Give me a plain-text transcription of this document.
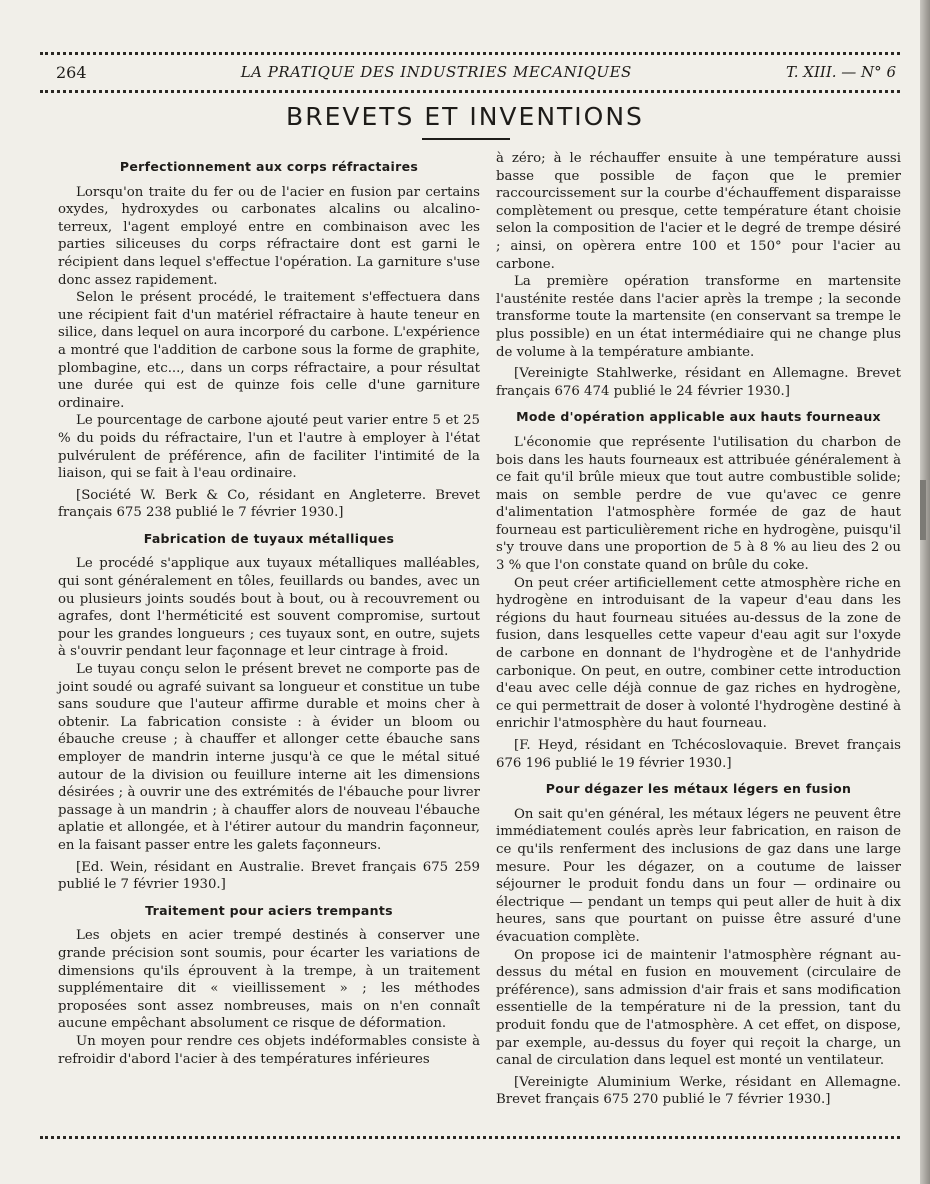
264	LA PRATIQUE DES INDUSTRIES MECANIQUES	T. XIII. — N° 6
BREVETS ET INVENTIONS
Perfectionnement aux corps réfractaires

Lorsqu'on traite du fer ou de l'acier en fusion par certains oxydes, hydroxydes ou carbonates alcalins ou alcalino-terreux, l'agent employé entre en combinaison avec les parties siliceuses du corps réfractaire dont est garni le récipient dans lequel s'effectue l'opération. La garniture s'use donc assez rapidement.

Selon le présent procédé, le traitement s'effectuera dans une récipient fait d'un matériel réfractaire à haute teneur en silice, dans lequel on aura incorporé du carbone. L'expérience a montré que l'addition de carbone sous la forme de graphite, plombagine, etc..., dans un corps réfractaire, a pour résultat une durée qui est de quinze fois celle d'une garniture ordinaire.

Le pourcentage de carbone ajouté peut varier entre 5 et 25 % du poids du réfractaire, l'un et l'autre à employer à l'état pulvérulent de préférence, afin de faciliter l'intimité de la liaison, qui se fait à l'eau ordinaire.

[Société W. Berk & Co, résidant en Angleterre. Brevet français 675 238 publié le 7 février 1930.]

Fabrication de tuyaux métalliques

Le procédé s'applique aux tuyaux métalliques malléables, qui sont généralement en tôles, feuillards ou bandes, avec un ou plusieurs joints soudés bout à bout, ou à recouvrement ou agrafes, dont l'herméticité est souvent compromise, surtout pour les grandes longueurs ; ces tuyaux sont, en outre, sujets à s'ouvrir pendant leur façonnage et leur cintrage à froid.

Le tuyau conçu selon le présent brevet ne comporte pas de joint soudé ou agrafé suivant sa longueur et constitue un tube sans soudure que l'auteur affirme durable et moins cher à obtenir. La fabrication consiste : à évider un bloom ou ébauche creuse ; à chauffer et allonger cette ébauche sans employer de mandrin interne jusqu'à ce que le métal situé autour de la division ou feuillure interne ait les dimensions désirées ; à ouvrir une des extrémités de l'ébauche pour livrer passage à un mandrin ; à chauffer alors de nouveau l'ébauche aplatie et allongée, et à l'étirer autour du mandrin façonneur, en la faisant passer entre les galets façonneurs.

[Ed. Wein, résidant en Australie. Brevet français 675 259 publié le 7 février 1930.]

Traitement pour aciers trempants

Les objets en acier trempé destinés à conserver une grande précision sont soumis, pour écarter les variations de dimensions qu'ils éprouvent à la trempe, à un traitement supplémentaire dit « vieillissement » ; les méthodes proposées sont assez nombreuses, mais on n'en connaît aucune empêchant absolument ce risque de déformation.

Un moyen pour rendre ces objets indéformables consiste à refroidir d'abord l'acier à des températures inférieures

à zéro; à le réchauffer ensuite à une température aussi basse que possible de façon que le premier raccourcissement sur la courbe d'échauffement disparaisse complètement ou presque, cette température étant choisie selon la composition de l'acier et le degré de trempe désiré ; ainsi, on opèrera entre 100 et 150° pour l'acier au carbone.

La première opération transforme en martensite l'austénite restée dans l'acier après la trempe ; la seconde transforme toute la martensite (en conservant sa trempe le plus possible) en un état intermédiaire qui ne change plus de volume à la température ambiante.

[Vereinigte Stahlwerke, résidant en Allemagne. Brevet français 676 474 publié le 24 février 1930.]

Mode d'opération applicable aux hauts fourneaux

L'économie que représente l'utilisation du charbon de bois dans les hauts fourneaux est attribuée généralement à ce fait qu'il brûle mieux que tout autre combustible solide; mais on semble perdre de vue qu'avec ce genre d'alimentation l'atmosphère formée de gaz de haut fourneau est particulièrement riche en hydrogène, puisqu'il s'y trouve dans une proportion de 5 à 8 % au lieu des 2 ou 3 % que l'on constate quand on brûle du coke.

On peut créer artificiellement cette atmosphère riche en hydrogène en introduisant de la vapeur d'eau dans les régions du haut fourneau situées au-dessus de la zone de fusion, dans lesquelles cette vapeur d'eau agit sur l'oxyde de carbone en donnant de l'hydrogène et de l'anhydride carbonique. On peut, en outre, combiner cette introduction d'eau avec celle déjà connue de gaz riches en hydrogène, ce qui permettrait de doser à volonté l'hydrogène destiné à enrichir l'atmosphère du haut fourneau.

[F. Heyd, résidant en Tchécoslovaquie. Brevet français 676 196 publié le 19 février 1930.]

Pour dégazer les métaux légers en fusion

On sait qu'en général, les métaux légers ne peuvent être immédiatement coulés après leur fabrication, en raison de ce qu'ils renferment des inclusions de gaz dans une large mesure. Pour les dégazer, on a coutume de laisser séjourner le produit fondu dans un four — ordinaire ou électrique — pendant un temps qui peut aller de huit à dix heures, sans que pourtant on puisse être assuré d'une évacuation complète.

On propose ici de maintenir l'atmosphère régnant au-dessus du métal en fusion en mouvement (circulaire de préférence), sans admission d'air frais et sans modification essentielle de la température ni de la pression, tant du produit fondu que de l'atmosphère. A cet effet, on dispose, par exemple, au-dessus du foyer qui reçoit la charge, un canal de circulation dans lequel est monté un ventilateur.

[Vereinigte Aluminium Werke, résidant en Allemagne. Brevet français 675 270 publié le 7 février 1930.]
